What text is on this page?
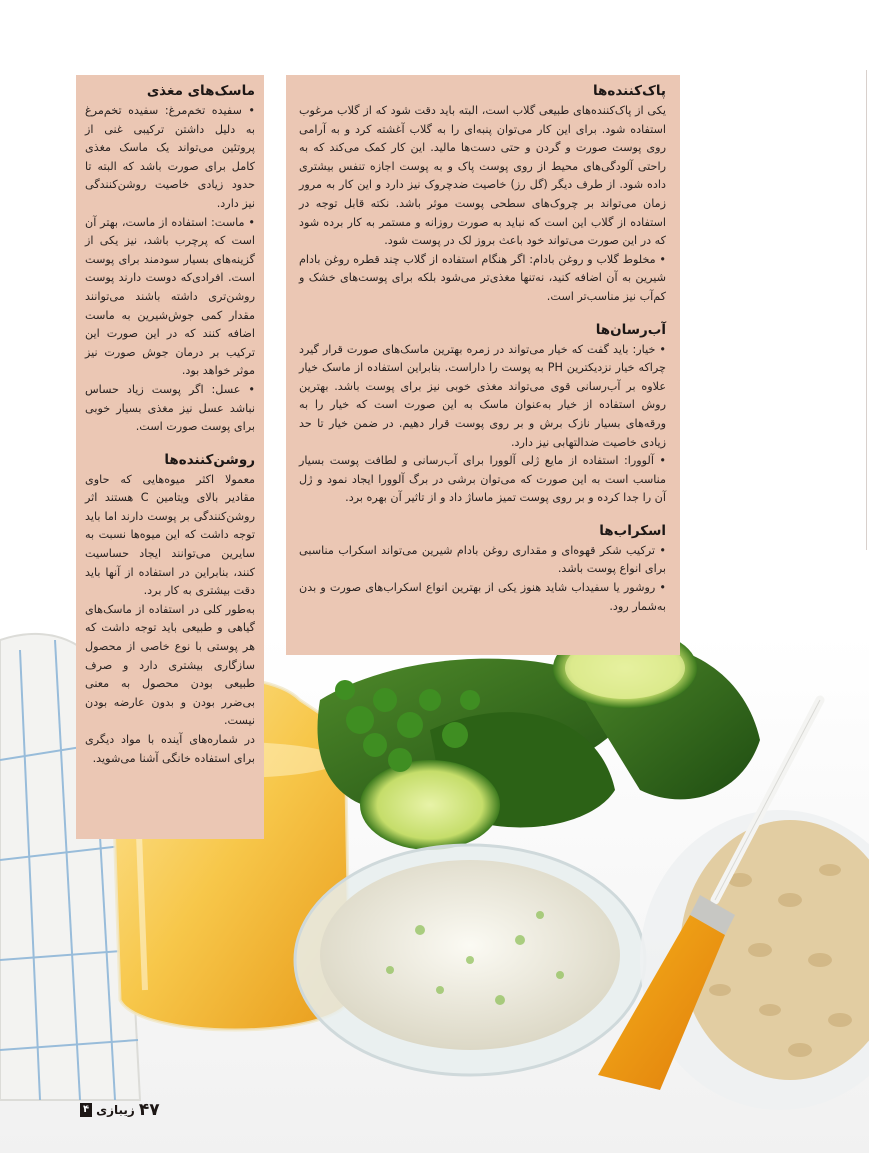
پاک‌کننده‌ها

یکی از پاک‌کننده‌های طبیعی گلاب است، البته باید دقت شود که از گلاب مرغوب استفاده شود. برای این کار می‌توان پنبه‌ای را به گلاب آغشته کرد و به آرامی روی پوست صورت و گردن و حتی دست‌ها مالید. این کار کمک می‌کند که به راحتی آلودگی‌های محیط از روی پوست پاک و به پوست اجازه تنفس بیشتری داده شود. از طرف دیگر (گل رز) خاصیت ضدچروک نیز دارد و این کار به مرور زمان می‌تواند بر چروک‌های سطحی پوست موثر باشد. نکته قابل توجه در استفاده از گلاب این است که نباید به صورت روزانه و مستمر به کار برده شود که در این صورت می‌تواند خود باعث بروز لک در پوست شود.

• مخلوط گلاب و روغن بادام: اگر هنگام استفاده از گلاب چند قطره روغن بادام شیرین به آن اضافه کنید، نه‌تنها مغذی‌تر می‌شود بلکه برای پوست‌های خشک و کم‌آب نیز مناسب‌تر است.

آب‌رسان‌ها

• خیار: باید گفت که خیار می‌تواند در زمره بهترین ماسک‌های صورت قرار گیرد چراکه خیار نزدیکترین PH به پوست را داراست. بنابراین استفاده از ماسک خیار علاوه بر آب‌رسانی قوی می‌تواند مغذی خوبی نیز برای پوست باشد. بهترین روش استفاده از خیار به‌عنوان ماسک به این صورت است که خیار را به ورقه‌های بسیار نازک برش و بر روی پوست قرار دهیم. در ضمن خیار تا حد زیادی خاصیت ضدالتهابی نیز دارد.

• آلوورا: استفاده از مایع ژلی آلوورا برای آب‌رسانی و لطافت پوست بسیار مناسب است به این صورت که می‌توان برشی در برگ آلوورا ایجاد نمود و ژل آن را جدا کرده و بر روی پوست تمیز ماساژ داد و از تاثیر آن بهره برد.

اسکراب‌ها

• ترکیب شکر قهوه‌ای و مقداری روغن بادام شیرین می‌تواند اسکراب مناسبی برای انواع پوست باشد.

• روشور یا سفیداب شاید هنوز یکی از بهترین انواع اسکراب‌های صورت و بدن به‌شمار رود.

ماسک‌های مغذی

• سفیده تخم‌مرغ: سفیده تخم‌مرغ به دلیل داشتن ترکیبی غنی از پروتئین می‌تواند یک ماسک مغذی کامل برای صورت باشد که البته تا حدود زیادی خاصیت روشن‌کنندگی نیز دارد.

• ماست: استفاده از ماست، بهتر آن است که پرچرب باشد، نیز یکی از گزینه‌های بسیار سودمند برای پوست است. افرادی‌که دوست دارند پوست روشن‌تری داشته باشند می‌توانند مقدار کمی جوش‌شیرین به ماست اضافه کنند که در این صورت این ترکیب بر درمان جوش صورت نیز موثر خواهد بود.

• عسل: اگر پوست زیاد حساس نباشد عسل نیز مغذی بسیار خوبی برای پوست صورت است.

روشن‌کننده‌ها

معمولا اکثر میوه‌هایی که حاوی مقادیر بالای ویتامین C هستند اثر روشن‌کنندگی بر پوست دارند اما باید توجه داشت که این میوه‌ها نسبت به سایرین می‌توانند ایجاد حساسیت کنند، بنابراین در استفاده از آنها باید دقت بیشتری به کار برد.

به‌طور کلی در استفاده از ماسک‌های گیاهی و طبیعی باید توجه داشت که هر پوستی با نوع خاصی از محصول سازگاری بیشتری دارد و صرف طبیعی بودن محصول به معنی بی‌ضرر بودن و بدون عارضه بودن نیست.

در شماره‌های آینده با مواد دیگری برای استفاده خانگی آشنا می‌شوید.

۴۷
زیبازی
۴
